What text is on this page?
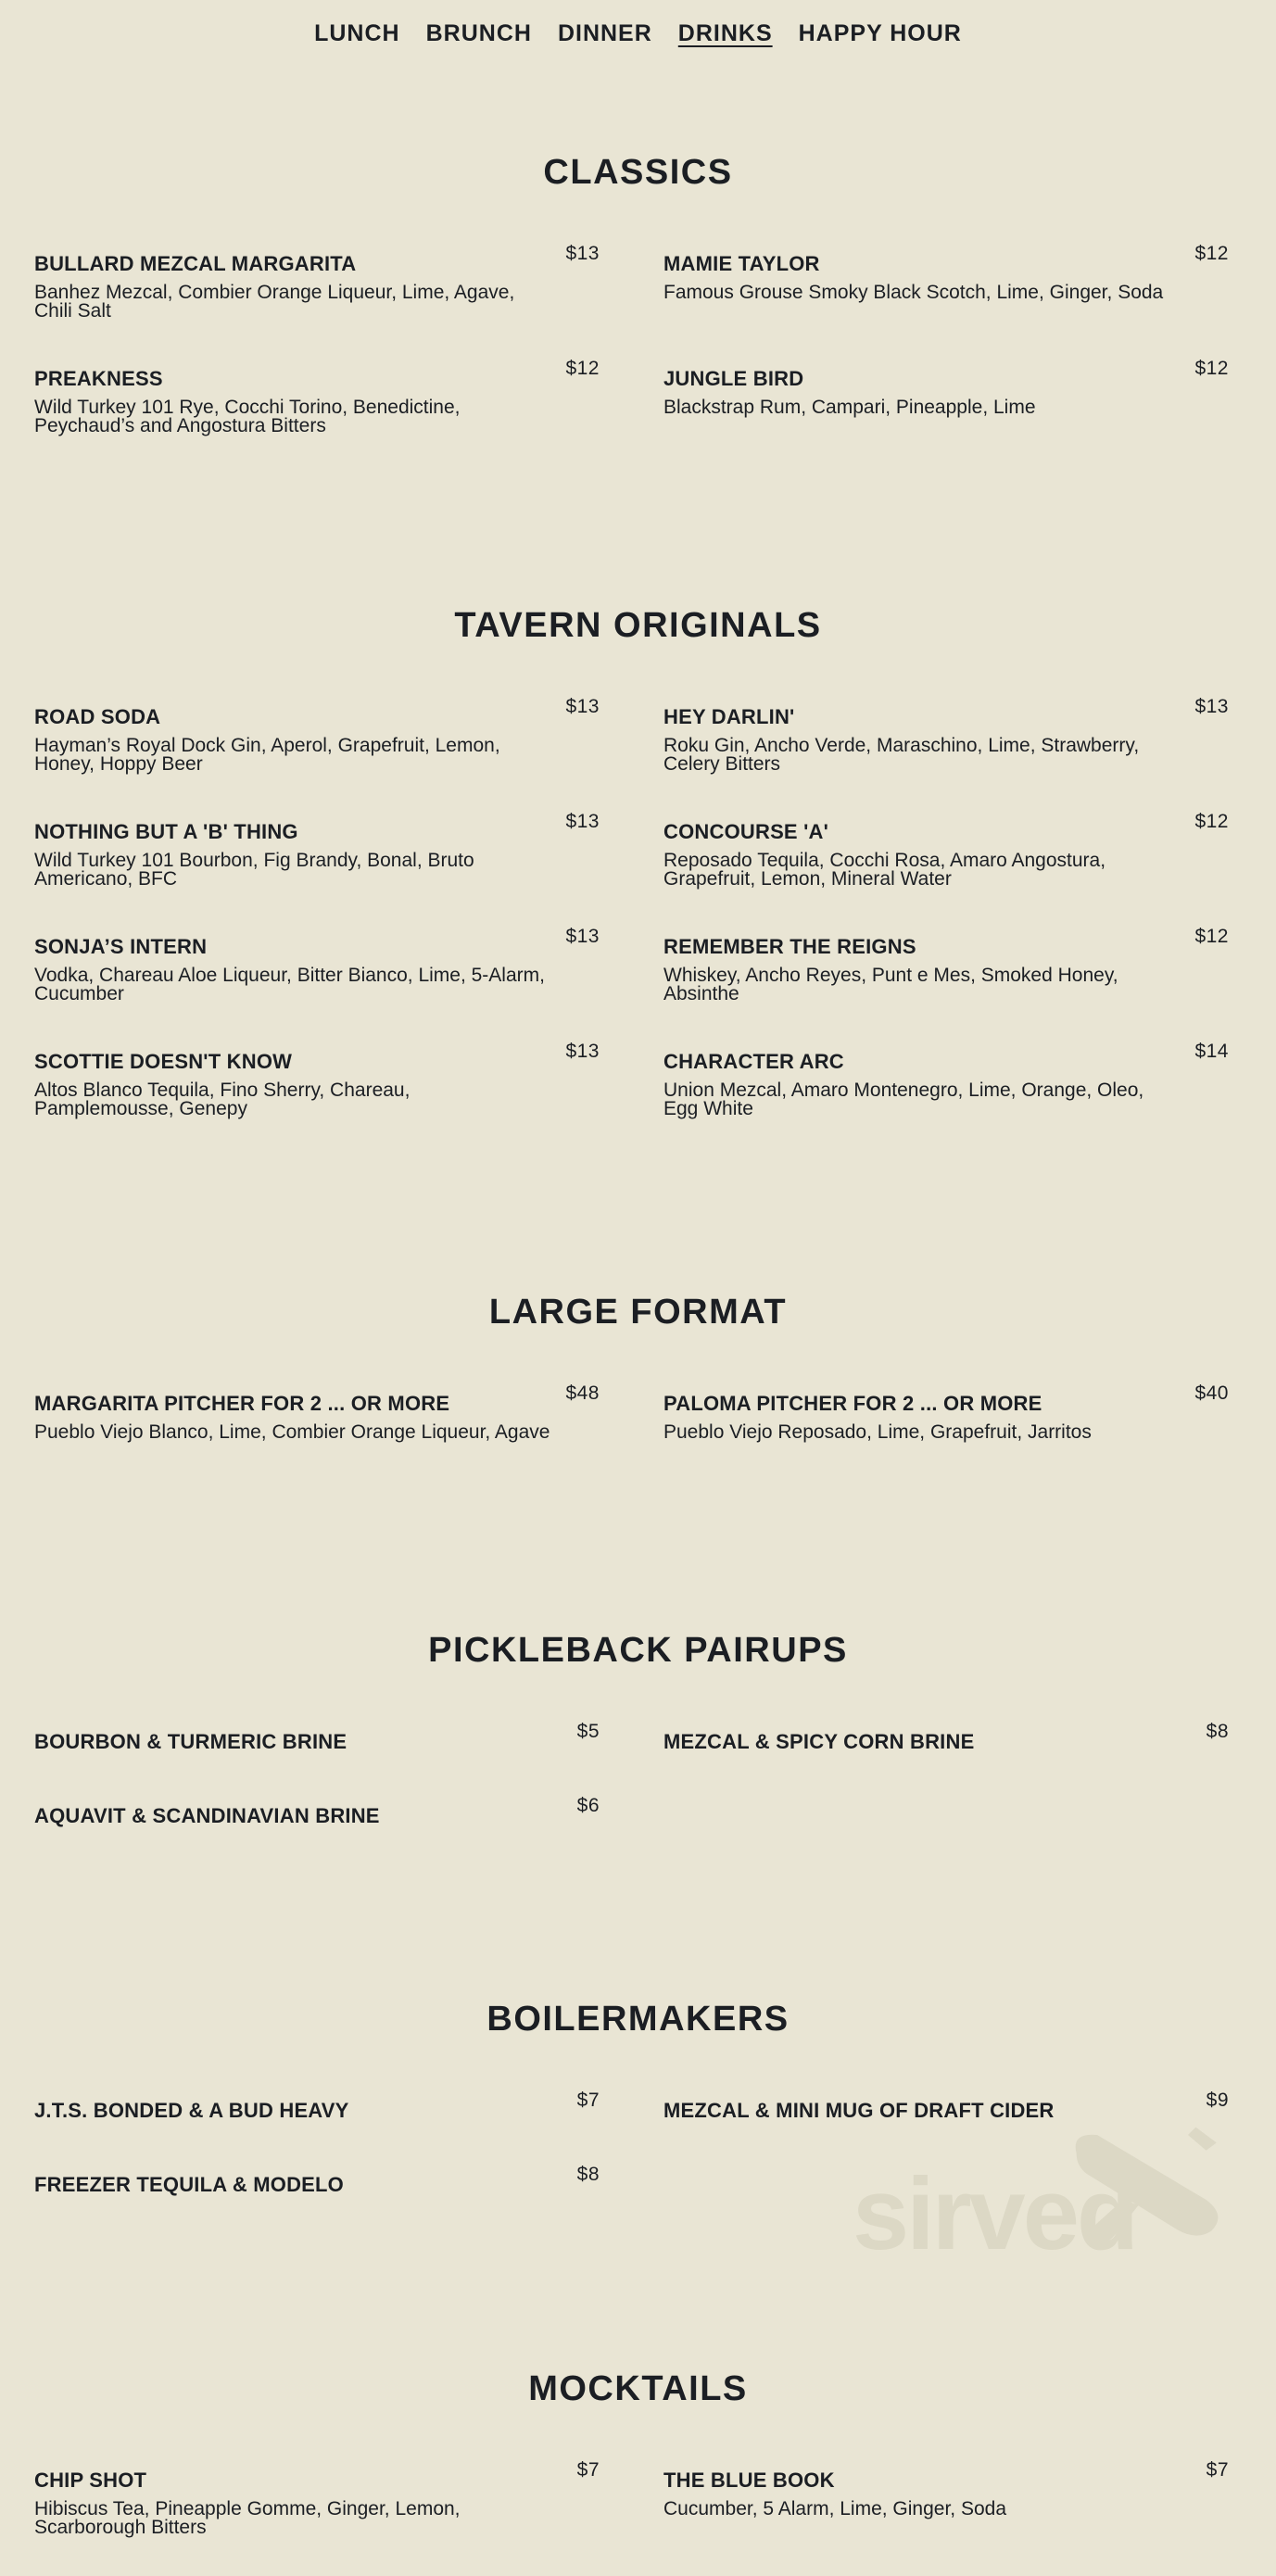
sirved
LUNCH BRUNCH DINNER DRINKS HAPPY HOUR
CLASSICS
BULLARD MEZCAL MARGARITA	$13
Banhez Mezcal, Combier Orange Liqueur, Lime, Agave, Chili Salt
MAMIE TAYLOR	$12
Famous Grouse Smoky Black Scotch, Lime, Ginger, Soda
PREAKNESS	$12
Wild Turkey 101 Rye, Cocchi Torino, Benedictine, Peychaud’s and Angostura Bitters
JUNGLE BIRD	$12
Blackstrap Rum, Campari, Pineapple, Lime
TAVERN ORIGINALS
ROAD SODA	$13
Hayman’s Royal Dock Gin, Aperol, Grapefruit, Lemon, Honey, Hoppy Beer
HEY DARLIN'	$13
Roku Gin, Ancho Verde, Maraschino, Lime, Strawberry, Celery Bitters
NOTHING BUT A 'B' THING	$13
Wild Turkey 101 Bourbon, Fig Brandy, Bonal, Bruto Americano, BFC
CONCOURSE 'A'	$12
Reposado Tequila, Cocchi Rosa, Amaro Angostura, Grapefruit, Lemon, Mineral Water
SONJA’S INTERN	$13
Vodka, Chareau Aloe Liqueur, Bitter Bianco, Lime, 5-Alarm, Cucumber
REMEMBER THE REIGNS	$12
Whiskey, Ancho Reyes, Punt e Mes, Smoked Honey, Absinthe
SCOTTIE DOESN'T KNOW	$13
Altos Blanco Tequila, Fino Sherry, Chareau, Pamplemousse, Genepy
CHARACTER ARC	$14
Union Mezcal, Amaro Montenegro, Lime, Orange, Oleo, Egg White
LARGE FORMAT
MARGARITA PITCHER FOR 2 ... OR MORE	$48
Pueblo Viejo Blanco, Lime, Combier Orange Liqueur, Agave
PALOMA PITCHER FOR 2 ... OR MORE	$40
Pueblo Viejo Reposado, Lime, Grapefruit, Jarritos
PICKLEBACK PAIRUPS
BOURBON & TURMERIC BRINE	$5	MEZCAL & SPICY CORN BRINE	$8
AQUAVIT & SCANDINAVIAN BRINE	$6
BOILERMAKERS
J.T.S. BONDED & A BUD HEAVY	$7	MEZCAL & MINI MUG OF DRAFT CIDER	$9
FREEZER TEQUILA & MODELO	$8
MOCKTAILS
CHIP SHOT	$7
Hibiscus Tea, Pineapple Gomme, Ginger, Lemon, Scarborough Bitters
THE BLUE BOOK	$7
Cucumber, 5 Alarm, Lime, Ginger, Soda
